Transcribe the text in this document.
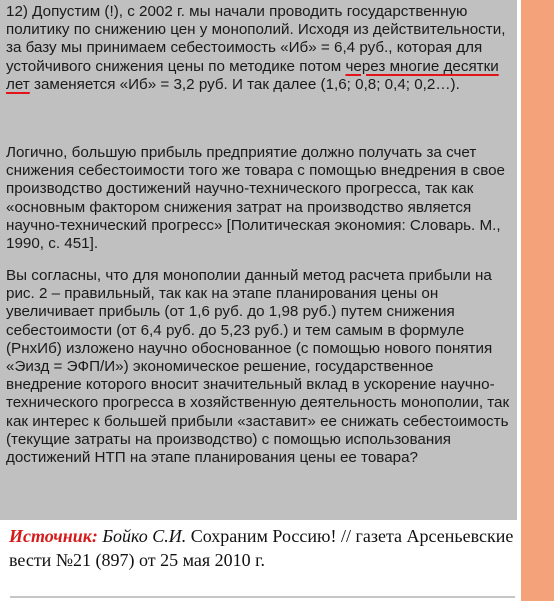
12) Допустим (!), с 2002 г. мы начали проводить государственную политику по снижению цен у монополий. Исходя из действительности, за базу мы принимаем себестоимость «Иб» = 6,4 руб., которая для устойчивого снижения цены по методике потом через многие десятки лет заменяется «Иб» = 3,2 руб. И так далее (1,6; 0,8; 0,4; 0,2…).

Логично, большую прибыль предприятие должно получать за счет снижения себестоимости того же товара с помощью внедрения в свое производство достижений научно-технического прогресса, так как «основным фактором снижения затрат на производство является научно-технический прогресс» [Политическая экономия: Словарь. М., 1990, с. 451].

Вы согласны, что для монополии данный метод расчета прибыли на рис. 2 – правильный, так как на этапе планирования цены он увеличивает прибыль (от 1,6 руб. до 1,98 руб.) путем снижения себестоимости (от 6,4 руб. до 5,23 руб.) и тем самым в формуле (РнхИб) изложено научно обоснованное (с помощью нового понятия «Эизд = ЭФП/И») экономическое решение, государственное внедрение которого вносит значительный вклад в ускорение научно-технического прогресса в хозяйственную деятельность монополии, так как интерес к большей прибыли «заставит» ее снижать себестоимость (текущие затраты на производство) с помощью использования достижений НТП на этапе планирования цены ее товара?

Источник: Бойко С.И. Сохраним Россию! // газета Арсеньевские вести №21 (897) от 25 мая 2010 г.
